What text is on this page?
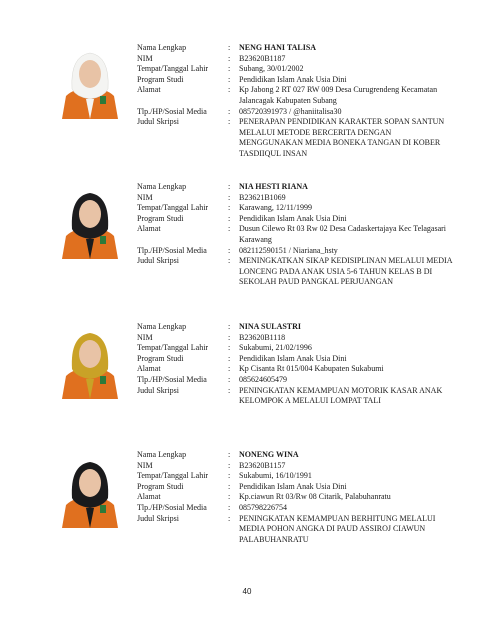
Nama Lengkap	: NENG HANI TALISA
NIM	: B23620B1187
Tempat/Tanggal Lahir	: Subang, 30/01/2002
Program Studi	: Pendidikan Islam Anak Usia Dini
Alamat	: Kp Jabong 2 RT 027 RW 009 Desa Curugrendeng Kecamatan Jalancagak Kabupaten Subang
Tlp./HP/Sosial Media	: 085720391973 / @haniitalisa30
Judul Skripsi	: PENERAPAN PENDIDIKAN KARAKTER SOPAN SANTUN MELALUI METODE BERCERITA DENGAN MENGGUNAKAN MEDIA BONEKA TANGAN DI KOBER TASDIIQUL INSAN
Nama Lengkap	: NIA HESTI RIANA
NIM	: B23621B1069
Tempat/Tanggal Lahir	: Karawang, 12/11/1999
Program Studi	: Pendidikan Islam Anak Usia Dini
Alamat	: Dusun Cilewo Rt 03 Rw 02 Desa Cadaskertajaya Kec Telagasari Karawang
Tlp./HP/Sosial Media	: 082112590151 / Niariana_hsty
Judul Skripsi	: MENINGKATKAN SIKAP KEDISIPLINAN MELALUI MEDIA LONCENG PADA ANAK USIA 5-6 TAHUN KELAS B DI SEKOLAH PAUD PANGKAL PERJUANGAN
Nama Lengkap	: NINA SULASTRI
NIM	: B23620B1118
Tempat/Tanggal Lahir	: Sukabumi, 21/02/1996
Program Studi	: Pendidikan Islam Anak Usia Dini
Alamat	: Kp Cisanta Rt 015/004 Kabupaten Sukabumi
Tlp./HP/Sosial Media	: 085624605479
Judul Skripsi	: PENINGKATAN KEMAMPUAN MOTORIK KASAR ANAK KELOMPOK A MELALUI LOMPAT TALI
Nama Lengkap	: NONENG WINA
NIM	: B23620B1157
Tempat/Tanggal Lahir	: Sukabumi, 16/10/1991
Program Studi	: Pendidikan Islam Anak Usia Dini
Alamat	: Kp.ciawun Rt 03/Rw 08 Citarik, Palabuhanratu
Tlp./HP/Sosial Media	: 085798226754
Judul Skripsi	: PENINGKATAN KEMAMPUAN BERHITUNG MELALUI MEDIA POHON ANGKA DI PAUD ASSIROJ CIAWUN PALABUHANRATU
40
